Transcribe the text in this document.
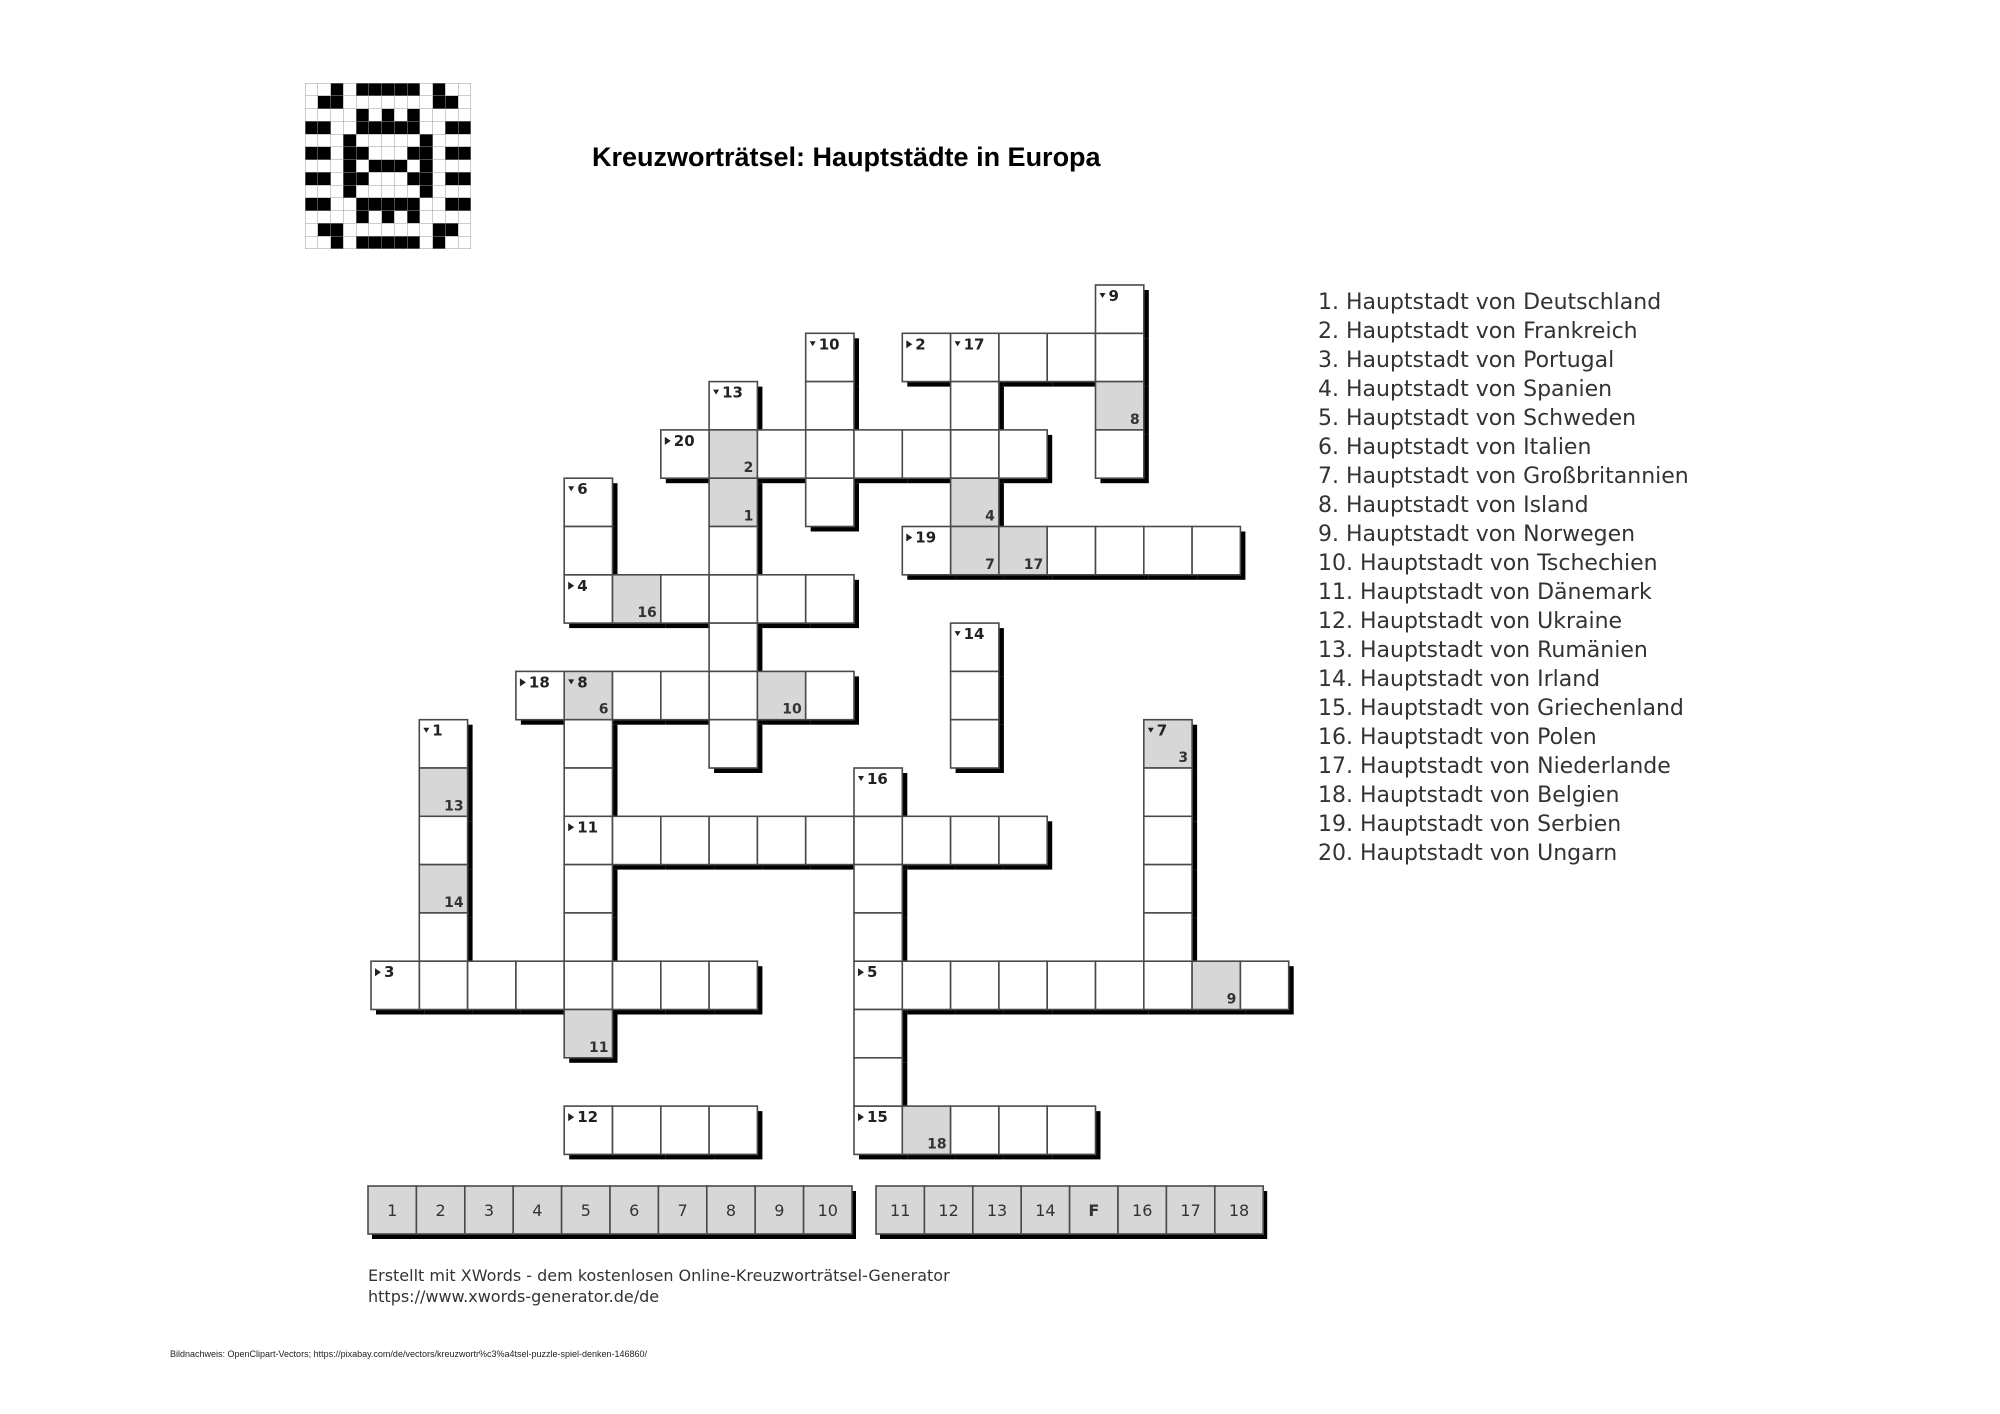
Kreuzworträtsel: Hauptstädte in Europa
13
14
16
9
3
6
11
8
2
1
18
4
7
10
17
1
2
3
4
5
6
7
8
9
10
11
12
13
14
15
16
17
18
19
20
1 2 3 4 5 6 7 8 9 10	11 12 13 14 F 16 17 18
1. Hauptstadt von Deutschland
2. Hauptstadt von Frankreich
3. Hauptstadt von Portugal
4. Hauptstadt von Spanien
5. Hauptstadt von Schweden
6. Hauptstadt von Italien
7. Hauptstadt von Großbritannien
8. Hauptstadt von Island
9. Hauptstadt von Norwegen
10. Hauptstadt von Tschechien
11. Hauptstadt von Dänemark
12. Hauptstadt von Ukraine
13. Hauptstadt von Rumänien
14. Hauptstadt von Irland
15. Hauptstadt von Griechenland
16. Hauptstadt von Polen
17. Hauptstadt von Niederlande
18. Hauptstadt von Belgien
19. Hauptstadt von Serbien
20. Hauptstadt von Ungarn
Erstellt mit XWords - dem kostenlosen Online-Kreuzworträtsel-Generator
https://www.xwords-generator.de/de

Bildnachweis: OpenClipart-Vectors; https://pixabay.com/de/vectors/kreuzwortr%c3%a4tsel-puzzle-spiel-denken-146860/
